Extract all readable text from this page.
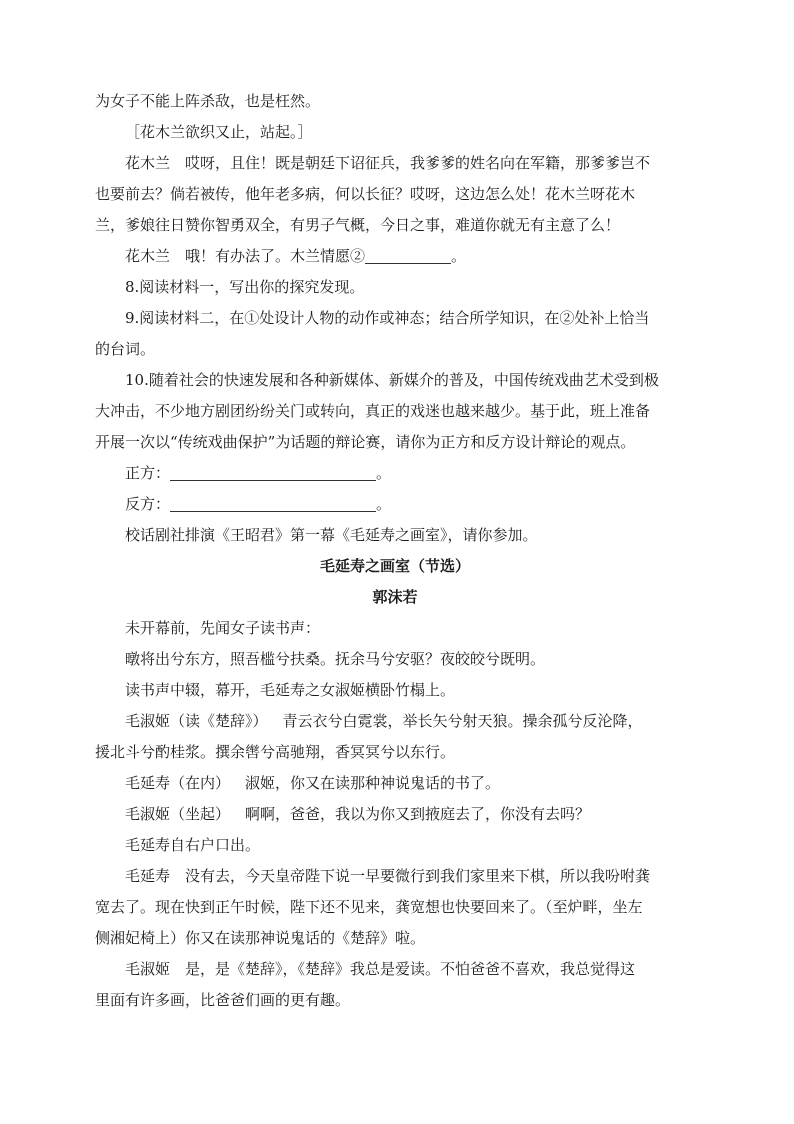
为女子不能上阵杀敌，也是枉然。

［花木兰欲织又止，站起。］

花木兰 哎呀，且住！既是朝廷下诏征兵，我爹爹的姓名向在军籍，那爹爹岂不

也要前去？倘若被传，他年老多病，何以长征？哎呀，这边怎么处！花木兰呀花木

兰，爹娘往日赞你智勇双全，有男子气概，今日之事，难道你就无有主意了么！

花木兰 哦！有办法了。木兰情愿②	。

8.阅读材料一，写出你的探究发现。

9.阅读材料二，在①处设计人物的动作或神态；结合所学知识，在②处补上恰当

的台词。

10.随着社会的快速发展和各种新媒体、新媒介的普及，中国传统戏曲艺术受到极

大冲击，不少地方剧团纷纷关门或转向，真正的戏迷也越来越少。基于此，班上准备

开展一次以“传统戏曲保护”为话题的辩论赛，请你为正方和反方设计辩论的观点。

正方：	。

反方：	。

校话剧社排演《王昭君》第一幕《毛延寿之画室》，请你参加。

毛延寿之画室（节选）

郭沫若

未开幕前，先闻女子读书声：

暾将出兮东方，照吾槛兮扶桑。抚余马兮安驱？夜皎皎兮既明。

读书声中辍，幕开，毛延寿之女淑姬横卧竹榻上。

毛淑姬（读《楚辞》） 青云衣兮白霓裳，举长矢兮射天狼。操余孤兮反沦降，

援北斗兮酌桂浆。撰余辔兮高驰翔，香冥冥兮以东行。

毛延寿（在内） 淑姬，你又在读那种神说鬼话的书了。

毛淑姬（坐起） 啊啊，爸爸，我以为你又到掖庭去了，你没有去吗？

毛延寿自右户口出。

毛延寿 没有去，今天皇帝陛下说一早要微行到我们家里来下棋，所以我吩咐龚

宽去了。现在快到正午时候，陛下还不见来，龚宽想也快要回来了。（至炉畔，坐左

侧湘妃椅上）你又在读那神说鬼话的《楚辞》啦。

毛淑姬 是，是《楚辞》，《楚辞》我总是爱读。不怕爸爸不喜欢，我总觉得这

里面有许多画，比爸爸们画的更有趣。
